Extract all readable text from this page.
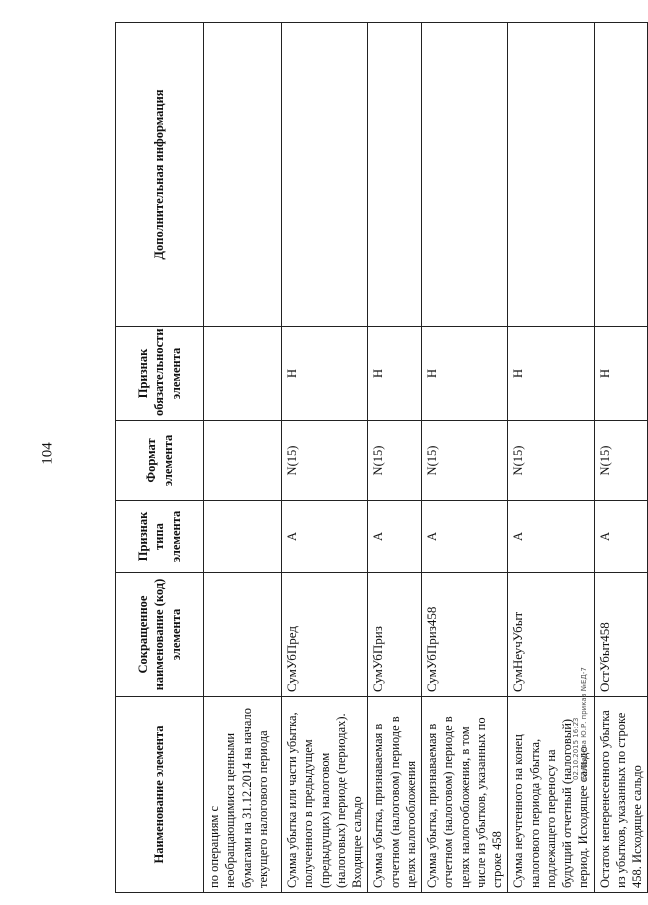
104
Наименование элемента	Сокращенное наименование (код) элемента	Признак типа элемента	Формат элемента	Признак обязательности элемента	Дополнительная информация
по операциям с необращающимися ценными бумагами на 31.12.2014 на начало текущего налогового периода					
Сумма убытка или части убытка, полученного в предыдущем (предыдущих) налоговом (налоговых) периоде (периодах). Входящее сальдо	СумУбПред	А	N(15)	Н	
Сумма убытка, признаваемая в отчетном (налоговом) периоде в целях налогообложения	СумУбПриз	А	N(15)	Н	
Сумма убытка, признаваемая в отчетном (налоговом) периоде в целях налогообложения, в том числе из убытков, указанных по строке 458	СумУбПриз458	А	N(15)	Н	
Сумма неучтенного на конец налогового периода убытка, подлежащего переносу на будущий отчетный (налоговый) период. Исходящее сальдо	СумНеучУбыт	А	N(15)	Н	
Остаток неперенесенного убытка из убытков, указанных по строке 458. Исходящее сальдо	ОстУбыт458	А	N(15)	Н	
02.10.2015 16:23 Бондарева Ю.Р. приказ №ЕД-7
